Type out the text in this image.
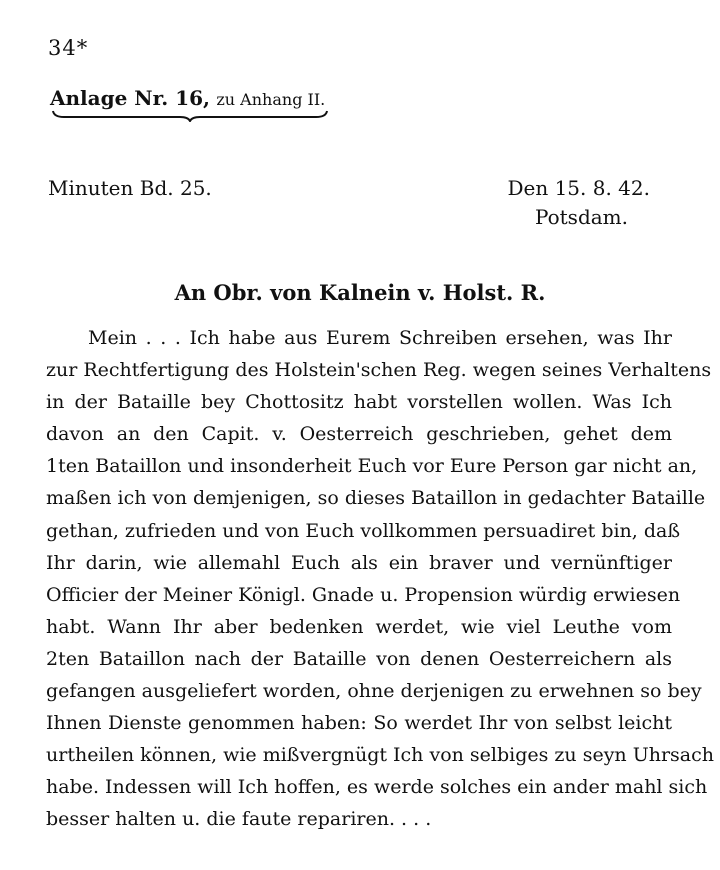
34*
Anlage Nr. 16, zu Anhang II.
Minuten Bd. 25.	Den 15. 8. 42.
Potsdam.
An Obr. von Kalnein v. Holst. R.
Mein . . . Ich habe aus Eurem Schreiben ersehen, was Ihr
zur Rechtfertigung des Holstein'schen Reg. wegen seines Verhaltens
in der Bataille bey Chottositz habt vorstellen wollen. Was Ich
davon an den Capit. v. Oesterreich geschrieben, gehet dem
1ten Bataillon und insonderheit Euch vor Eure Person gar nicht an,
maßen ich von demjenigen, so dieses Bataillon in gedachter Bataille
gethan, zufrieden und von Euch vollkommen persuadiret bin, daß
Ihr darin, wie allemahl Euch als ein braver und vernünftiger
Officier der Meiner Königl. Gnade u. Propension würdig erwiesen
habt. Wann Ihr aber bedenken werdet, wie viel Leuthe vom
2ten Bataillon nach der Bataille von denen Oesterreichern als
gefangen ausgeliefert worden, ohne derjenigen zu erwehnen so bey
Ihnen Dienste genommen haben: So werdet Ihr von selbst leicht
urtheilen können, wie mißvergnügt Ich von selbiges zu seyn Uhrsach
habe. Indessen will Ich hoffen, es werde solches ein ander mahl sich
besser halten u. die faute repariren. . . .
